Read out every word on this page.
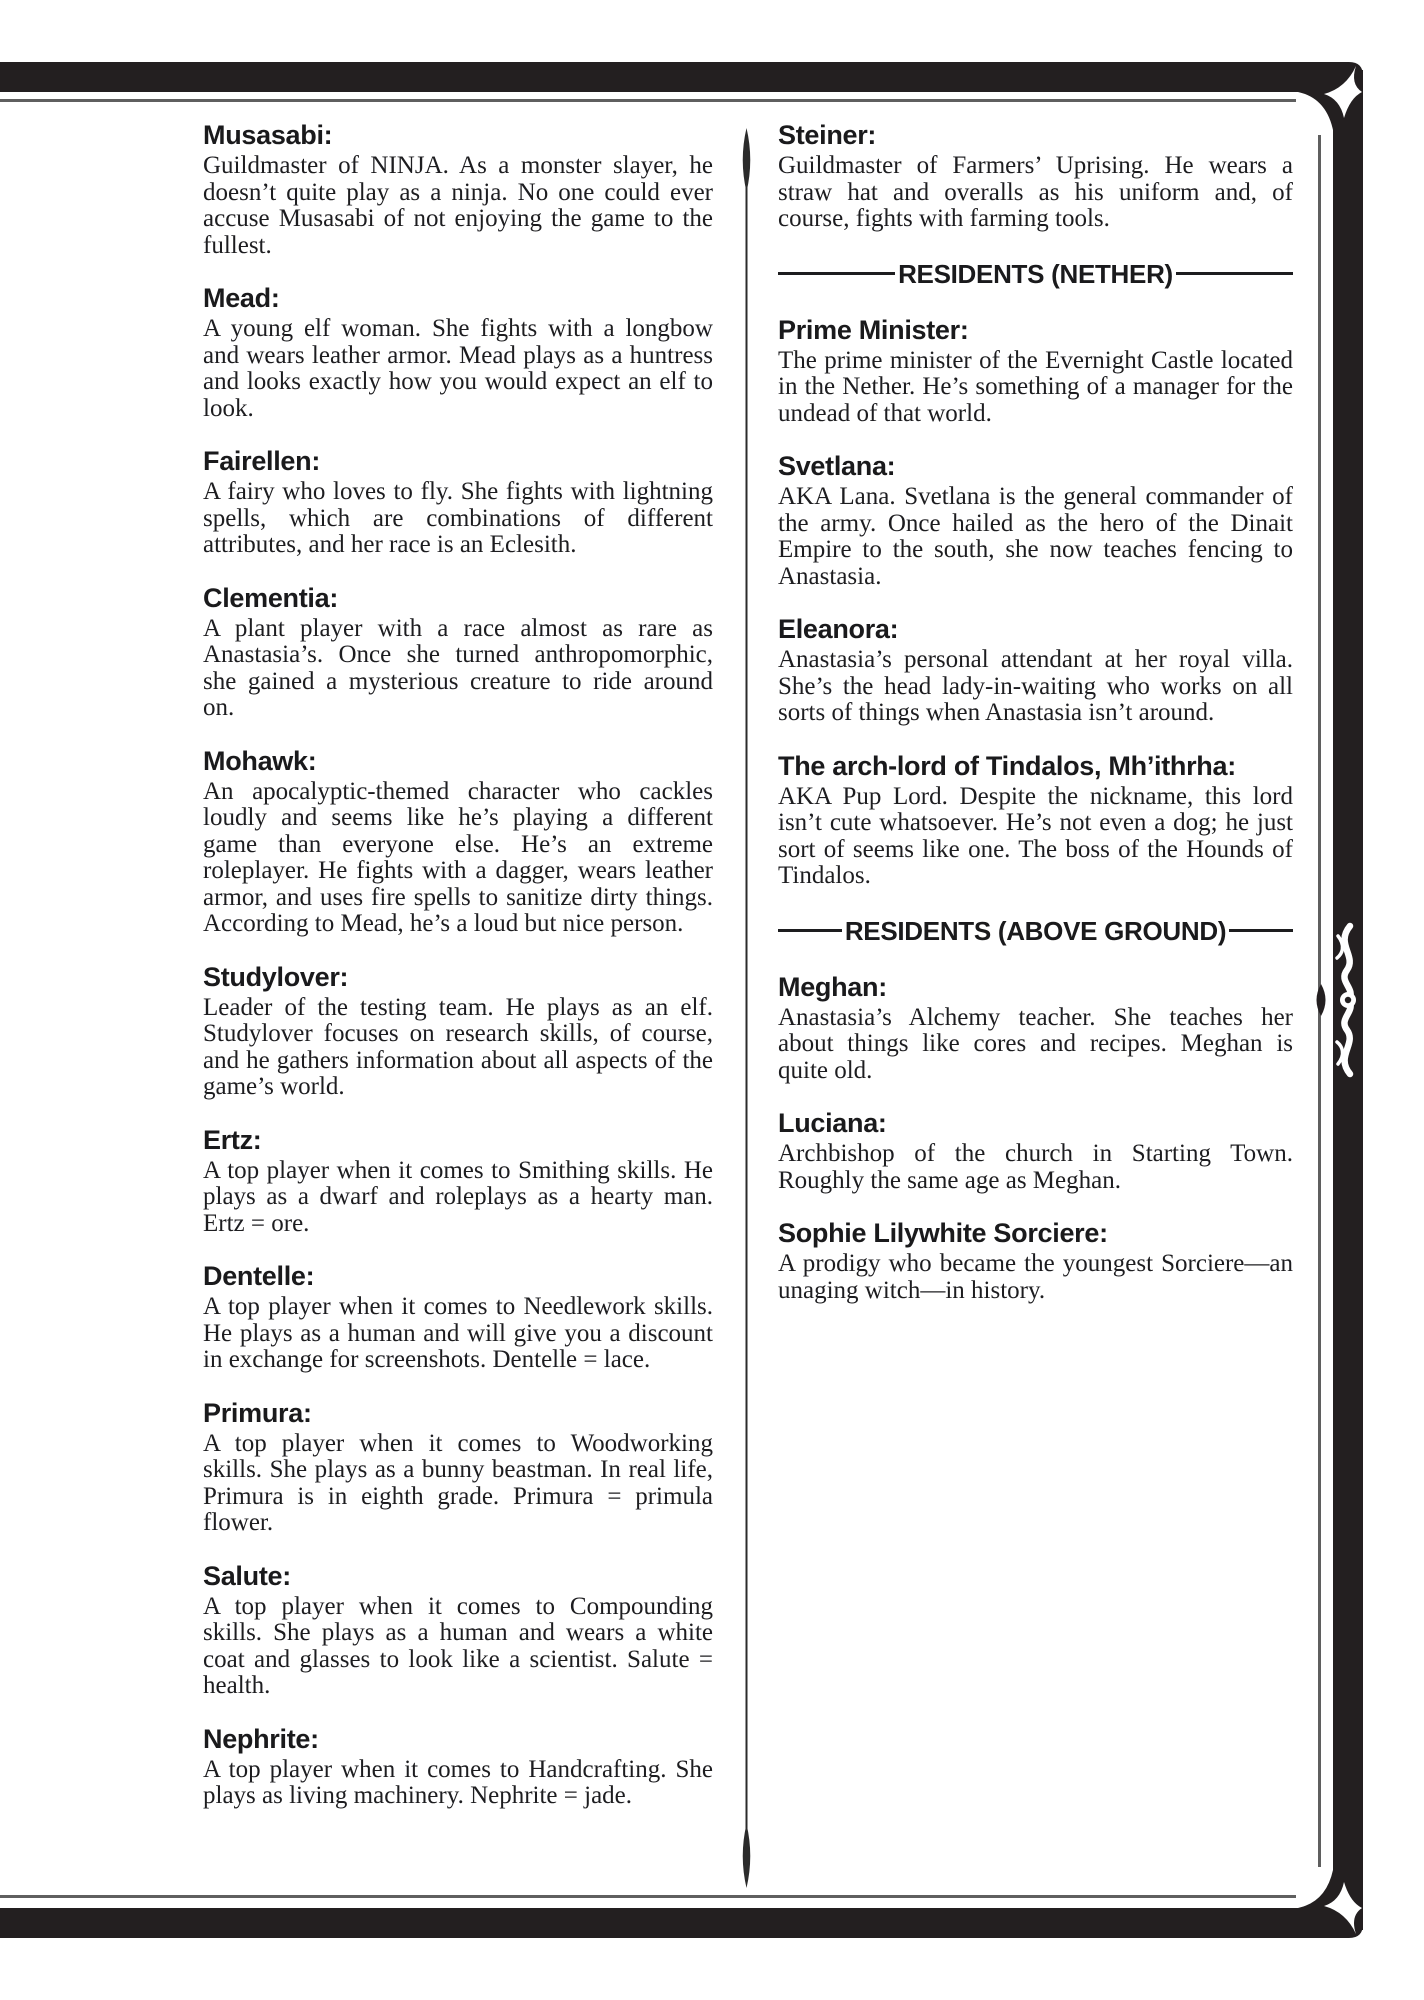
Musasabi:

Guildmaster of NINJA. As a monster slayer, he doesn’t quite play as a ninja. No one could ever accuse Musasabi of not enjoying the game to the fullest.

Mead:

A young elf woman. She fights with a longbow and wears leather armor. Mead plays as a huntress and looks exactly how you would expect an elf to look.

Fairellen:

A fairy who loves to fly. She fights with lightning spells, which are combinations of different attributes, and her race is an Eclesith.

Clementia:

A plant player with a race almost as rare as Anastasia’s. Once she turned anthropomorphic, she gained a mysterious creature to ride around on.

Mohawk:

An apocalyptic-themed character who cackles loudly and seems like he’s playing a different game than everyone else. He’s an extreme roleplayer. He fights with a dagger, wears leather armor, and uses fire spells to sanitize dirty things. According to Mead, he’s a loud but nice person.

Studylover:

Leader of the testing team. He plays as an elf. Studylover focuses on research skills, of course, and he gathers information about all aspects of the game’s world.

Ertz:

A top player when it comes to Smithing skills. He plays as a dwarf and roleplays as a hearty man. Ertz = ore.

Dentelle:

A top player when it comes to Needlework skills. He plays as a human and will give you a discount in exchange for screenshots. Dentelle = lace.

Primura:

A top player when it comes to Woodworking skills. She plays as a bunny beastman. In real life, Primura is in eighth grade. Primura = primula flower.

Salute:

A top player when it comes to Compounding skills. She plays as a human and wears a white coat and glasses to look like a scientist. Salute = health.

Nephrite:

A top player when it comes to Handcrafting. She plays as living machinery. Nephrite = jade.

Steiner:

Guildmaster of Farmers’ Uprising. He wears a straw hat and overalls as his uniform and, of course, fights with farming tools.

RESIDENTS (NETHER)
Prime Minister:

The prime minister of the Evernight Castle located in the Nether. He’s something of a manager for the undead of that world.

Svetlana:

AKA Lana. Svetlana is the general commander of the army. Once hailed as the hero of the Dinait Empire to the south, she now teaches fencing to Anastasia.

Eleanora:

Anastasia’s personal attendant at her royal villa. She’s the head lady-in-waiting who works on all sorts of things when Anastasia isn’t around.

The arch-lord of Tindalos, Mh’ithrha:

AKA Pup Lord. Despite the nickname, this lord isn’t cute whatsoever. He’s not even a dog; he just sort of seems like one. The boss of the Hounds of Tindalos.

RESIDENTS (ABOVE GROUND)
Meghan:

Anastasia’s Alchemy teacher. She teaches her about things like cores and recipes. Meghan is quite old.

Luciana:

Archbishop of the church in Starting Town. Roughly the same age as Meghan.

Sophie Lilywhite Sorciere:

A prodigy who became the youngest Sorciere—an unaging witch—in history.
